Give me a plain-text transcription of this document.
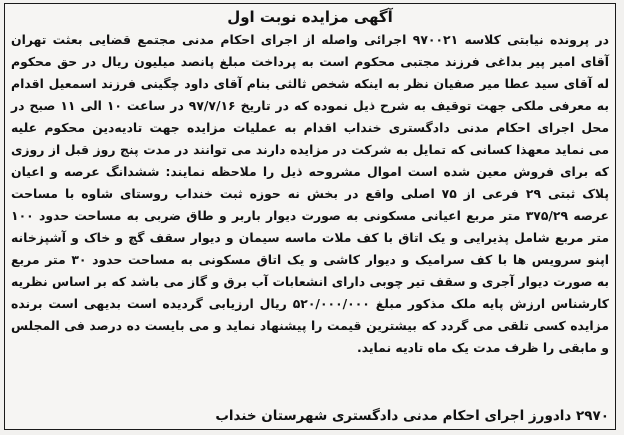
آگهی مزایده نوبت اول
در پرونده نیابتی کلاسه ۹۷۰۰۲۱ اجرائی واصله از اجرای احکام مدنی مجتمع قضایی بعثت تهران
آقای امیر پیر بداغی فرزند مجتبی محکوم است به پرداخت مبلغ پانصد میلیون ریال در حق محکوم
له آقای سید عطا میر صفیان نظر به اینکه شخص ثالثی بنام آقای داود چگینی فرزند اسمعیل اقدام
به معرفی ملکی جهت توقیف به شرح ذیل نموده که در تاریخ ۹۷/۷/۱۶ در ساعت ۱۰ الی ۱۱ صبح در
محل اجرای احکام مدنی دادگستری خنداب اقدام به عملیات مزایده جهت تادیه‌دین محکوم علیه
می نماید معهذا کسانی که تمایل به شرکت در مزایده دارند می توانند در مدت پنج روز قبل از روزی
که برای فروش معین شده است اموال مشروحه ذیل را ملاحظه نمایند: ششدانگ عرصه و اعیان
پلاک ثبتی ۲۹ فرعی از ۷۵ اصلی واقع در بخش نه حوزه ثبت خنداب روستای شاوه با مساحت
عرصه ۳۷۵/۲۹ متر مربع اعیانی مسکونی به صورت دیوار باربر و طاق ضربی به مساحت حدود ۱۰۰
متر مربع شامل پذیرایی و یک اتاق با کف ملات ماسه سیمان و دیوار سقف گچ و خاک و آشپزخانه
اپنو سرویس ها با کف سرامیک و دیوار کاشی و یک اتاق مسکونی به مساحت حدود ۳۰ متر مربع
به صورت دیوار آجری و سقف تیر چوبی دارای انشعابات آب برق و گاز می باشد که بر اساس نظریه
کارشناس ارزش پایه ملک مذکور مبلغ ۵۲۰/۰۰۰/۰۰۰ ریال ارزیابی گردیده است بدیهی است برنده
مزایده کسی تلقی می گردد که بیشترین قیمت را پیشنهاد نماید و می بایست ده درصد فی المجلس
و مابقی را ظرف مدت یک ماه تادیه نماید.
۲۹۷۰ دادورز اجرای احکام مدنی دادگستری شهرستان خنداب
